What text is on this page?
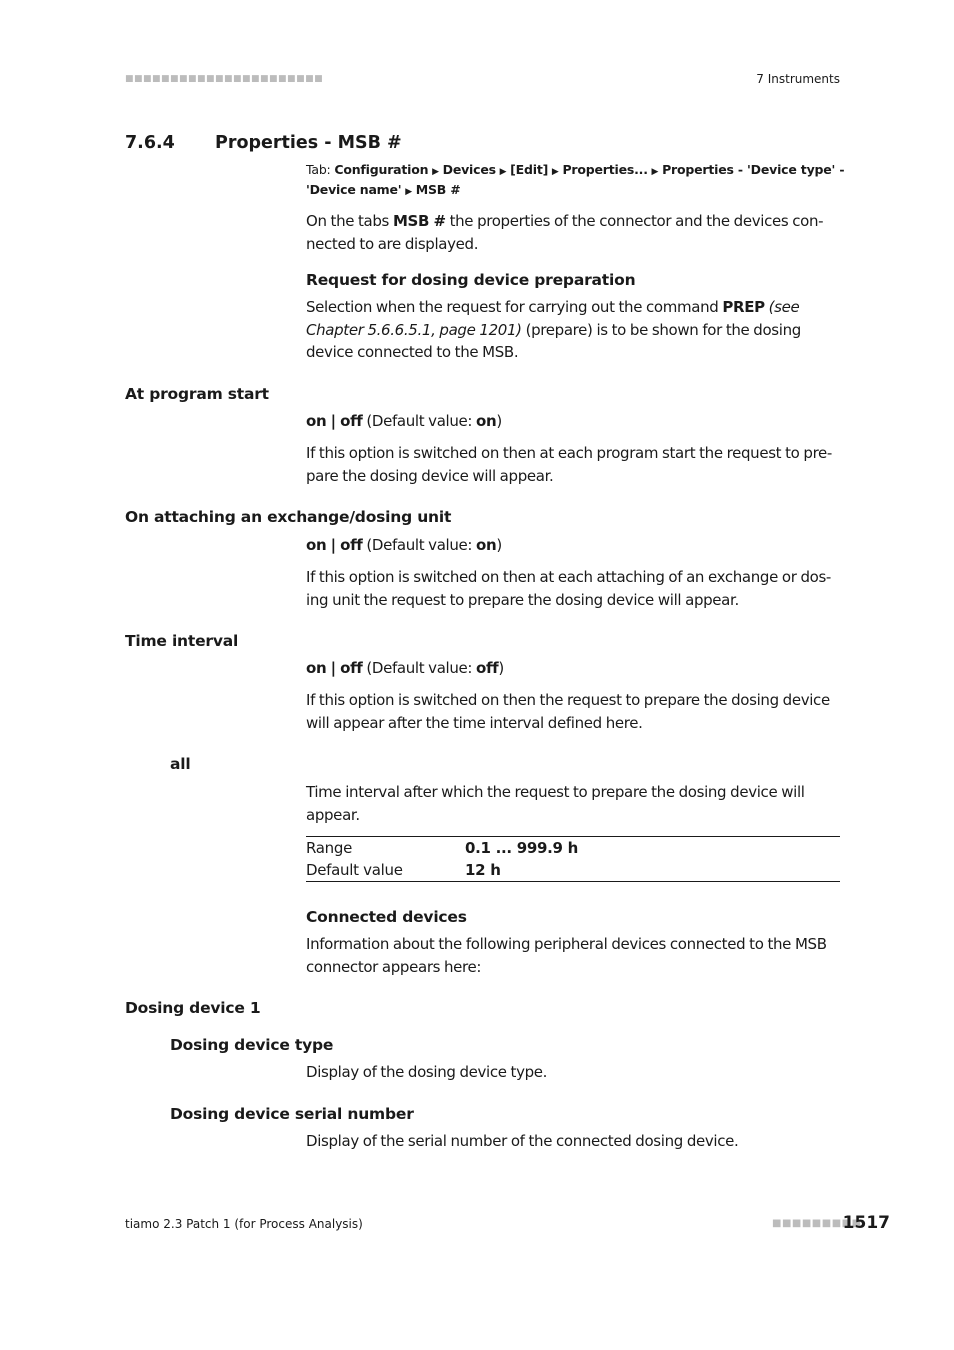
■■■■■■■■■■■■■■■■■■■■■■	7 Instruments
7.6.4 Properties - MSB #
Tab: Configuration ▶ Devices ▶ [Edit] ▶ Properties... ▶ Properties - 'Device type' -
'Device name' ▶ MSB #
On the tabs MSB # the properties of the connector and the devices con-
nected to are displayed.
Request for dosing device preparation
Selection when the request for carrying out the command PREP (see
Chapter 5.6.6.5.1, page 1201) (prepare) is to be shown for the dosing
device connected to the MSB.
At program start
on | off (Default value: on)
If this option is switched on then at each program start the request to pre-
pare the dosing device will appear.
On attaching an exchange/dosing unit
on | off (Default value: on)
If this option is switched on then at each attaching of an exchange or dos-
ing unit the request to prepare the dosing device will appear.
Time interval
on | off (Default value: off)
If this option is switched on then the request to prepare the dosing device
will appear after the time interval defined here.
all
Time interval after which the request to prepare the dosing device will
appear.
Range	0.1 ... 999.9 h
Default value	12 h
Connected devices
Information about the following peripheral devices connected to the MSB
connector appears here:
Dosing device 1
Dosing device type
Display of the dosing device type.
Dosing device serial number
Display of the serial number of the connected dosing device.
tiamo 2.3 Patch 1 (for Process Analysis)	■■■■■■■■■
1517
